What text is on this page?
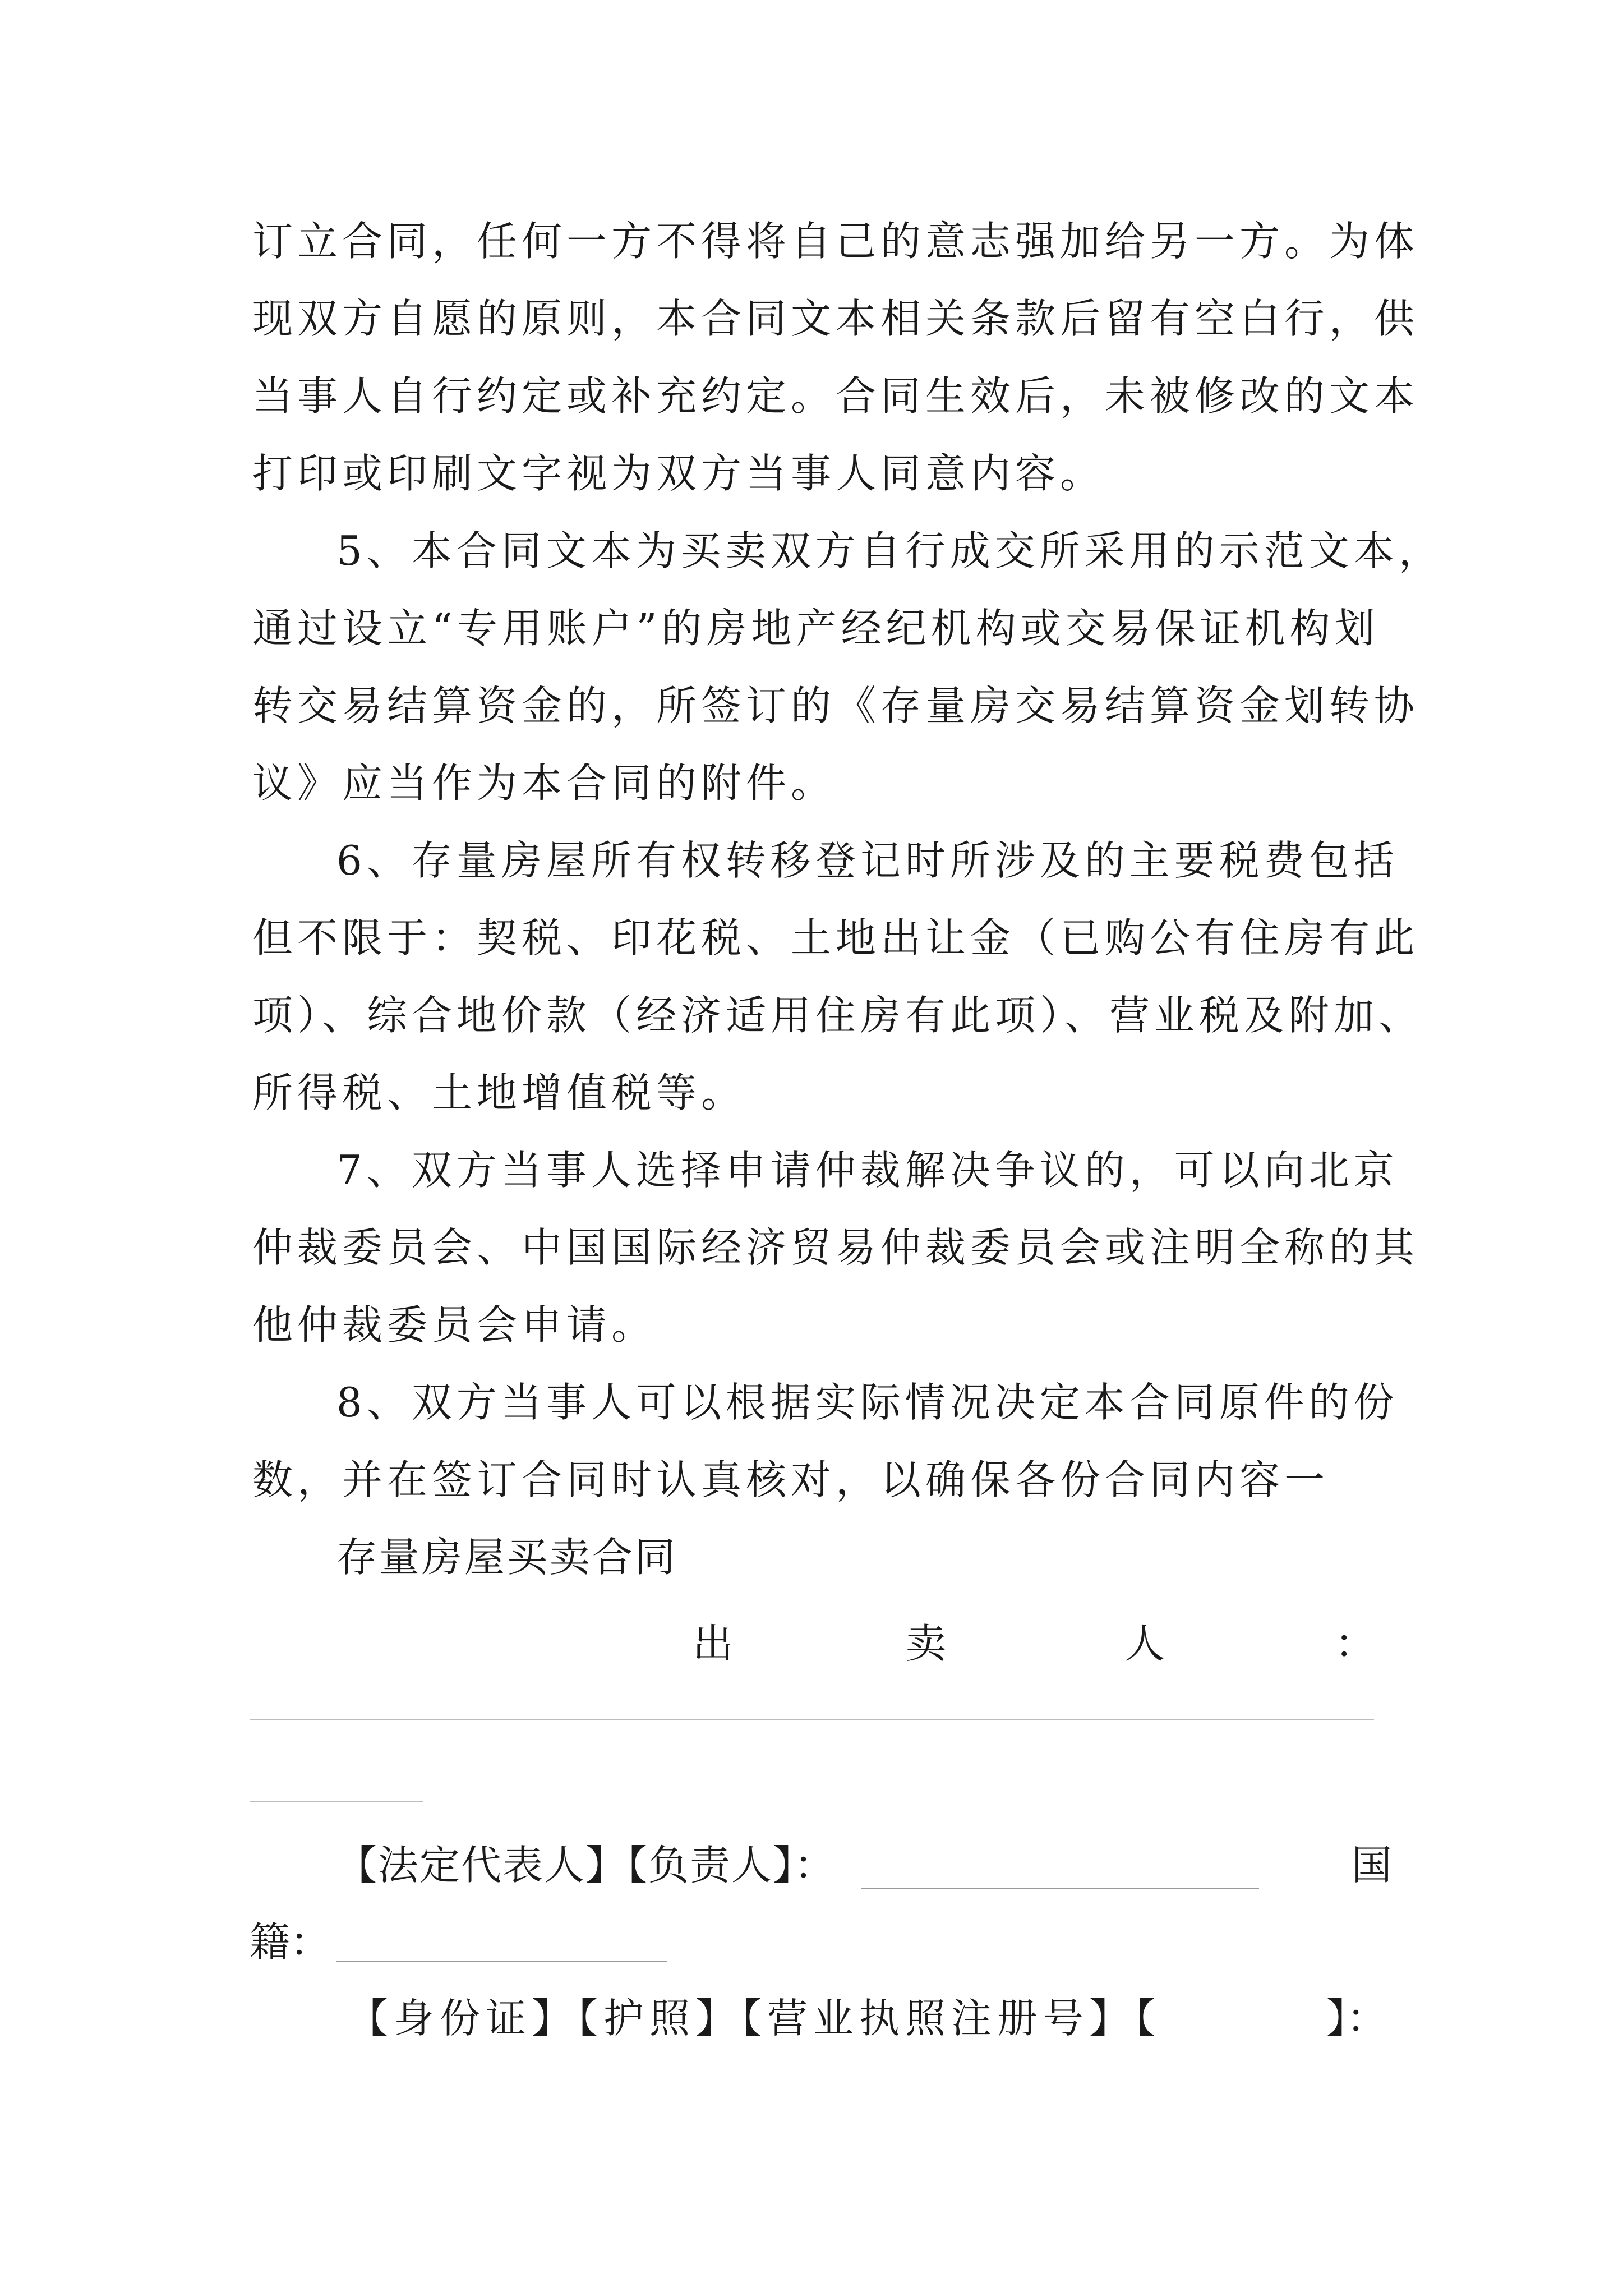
订立合同，任何一方不得将自己的意志强加给另一方。为体
现双方自愿的原则，本合同文本相关条款后留有空白行，供
当事人自行约定或补充约定。合同生效后，未被修改的文本
打印或印刷文字视为双方当事人同意内容。
5、本合同文本为买卖双方自行成交所采用的示范文本，
通过设立“专用账户”的房地产经纪机构或交易保证机构划
转交易结算资金的，所签订的《存量房交易结算资金划转协
议》应当作为本合同的附件。
6、存量房屋所有权转移登记时所涉及的主要税费包括
但不限于：契税、印花税、土地出让金（已购公有住房有此
项）、综合地价款（经济适用住房有此项）、营业税及附加、
所得税、土地增值税等。
7、双方当事人选择申请仲裁解决争议的，可以向北京
仲裁委员会、中国国际经济贸易仲裁委员会或注明全称的其
他仲裁委员会申请。
8、双方当事人可以根据实际情况决定本合同原件的份
数，并在签订合同时认真核对，以确保各份合同内容一
存量房屋买卖合同
出	卖	人	：
【法定代表人】【负责人】：	国
籍：
【身份证】【护照】【营业执照注册号】【	】：
